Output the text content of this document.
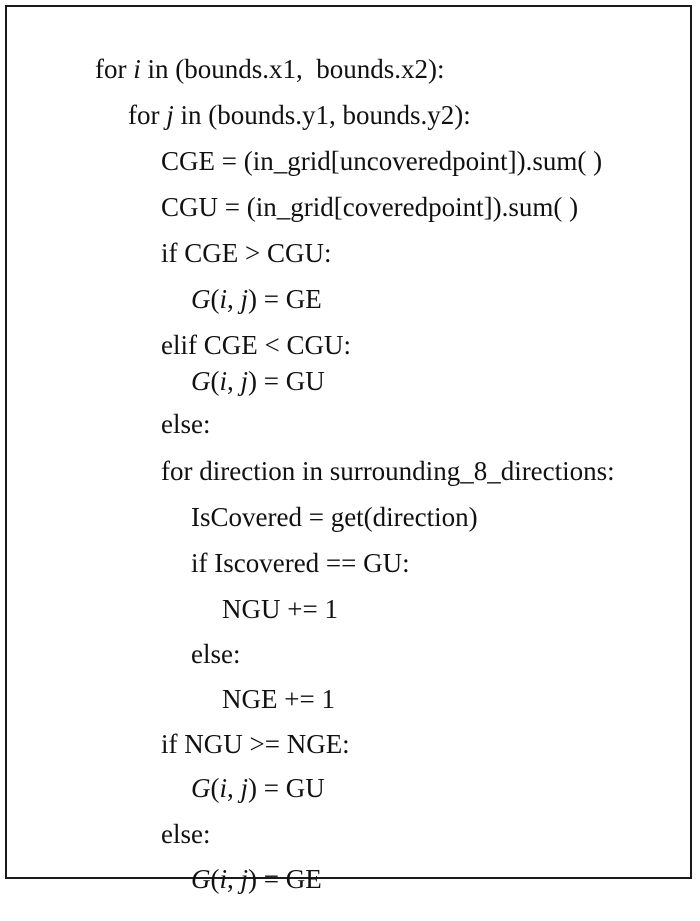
for i in (bounds.x1,  bounds.x2):

for j in (bounds.y1, bounds.y2):

CGE = (in_grid[uncoveredpoint]).sum( )

CGU = (in_grid[coveredpoint]).sum( )

if CGE > CGU:

G(i, j) = GE

elif CGE < CGU:

G(i, j) = GU

else:

for direction in surrounding_8_directions:

IsCovered = get(direction)

if Iscovered == GU:

NGU += 1

else:

NGE += 1

if NGU >= NGE:

G(i, j) = GU

else:

G(i, j) = GE
